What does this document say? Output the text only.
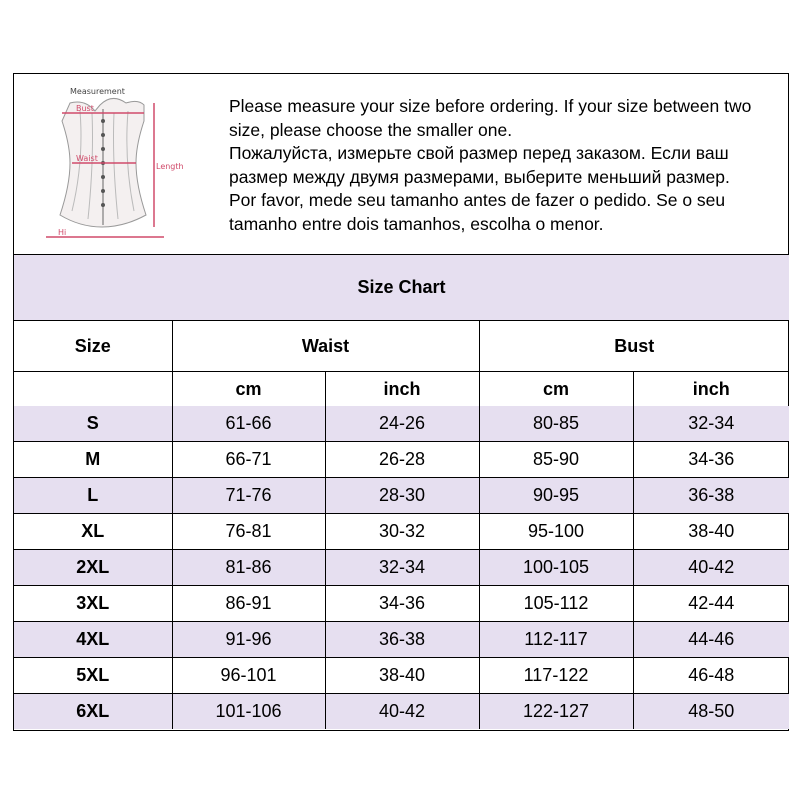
Measurement
Bust
Waist
Length
Hi
Please measure your size before ordering. If your size between two
size, please choose the smaller one.
Пожалуйста, измерьте свой размер перед заказом. Если ваш
размер между двумя размерами, выберите меньший размер.
Por favor, mede seu tamanho antes de fazer o pedido. Se o seu
tamanho entre dois tamanhos, escolha o menor.
Size Chart				
Size	Waist		Bust	
	cm	inch	cm	inch
S	61-66	24-26	80-85	32-34
M	66-71	26-28	85-90	34-36
L	71-76	28-30	90-95	36-38
XL	76-81	30-32	95-100	38-40
2XL	81-86	32-34	100-105	40-42
3XL	86-91	34-36	105-112	42-44
4XL	91-96	36-38	112-117	44-46
5XL	96-101	38-40	117-122	46-48
6XL	101-106	40-42	122-127	48-50
